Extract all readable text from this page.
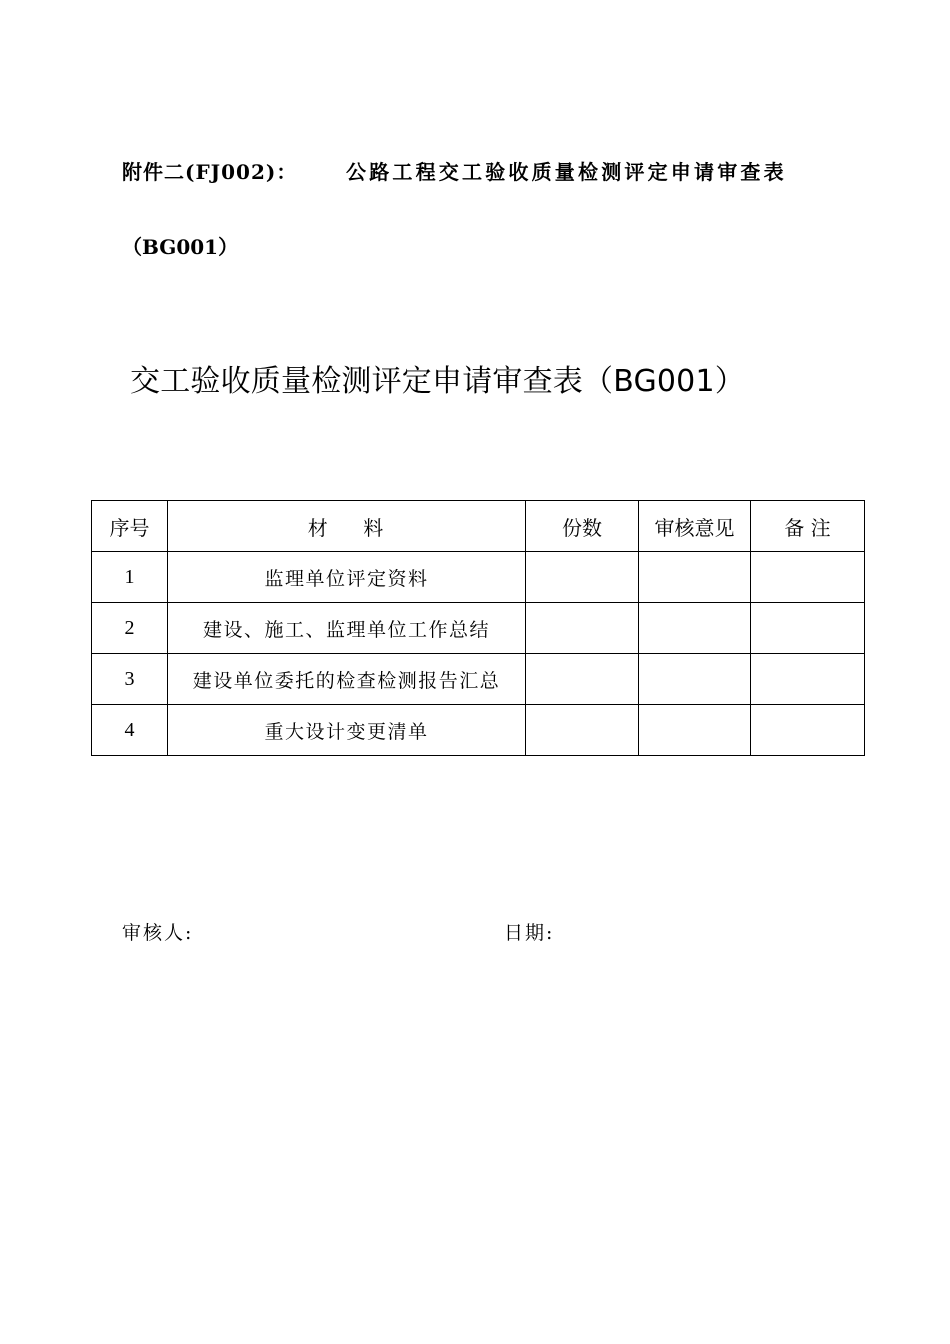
附件二(FJ002)： 公路工程交工验收质量检测评定申请审查表
（BG001）
交工验收质量检测评定申请审查表（BG001）
序号	材    料	份数	审核意见	备 注
1	监理单位评定资料			
2	建设、施工、监理单位工作总结			
3	建设单位委托的检查检测报告汇总			
4	重大设计变更清单			
审核人:	日期:
